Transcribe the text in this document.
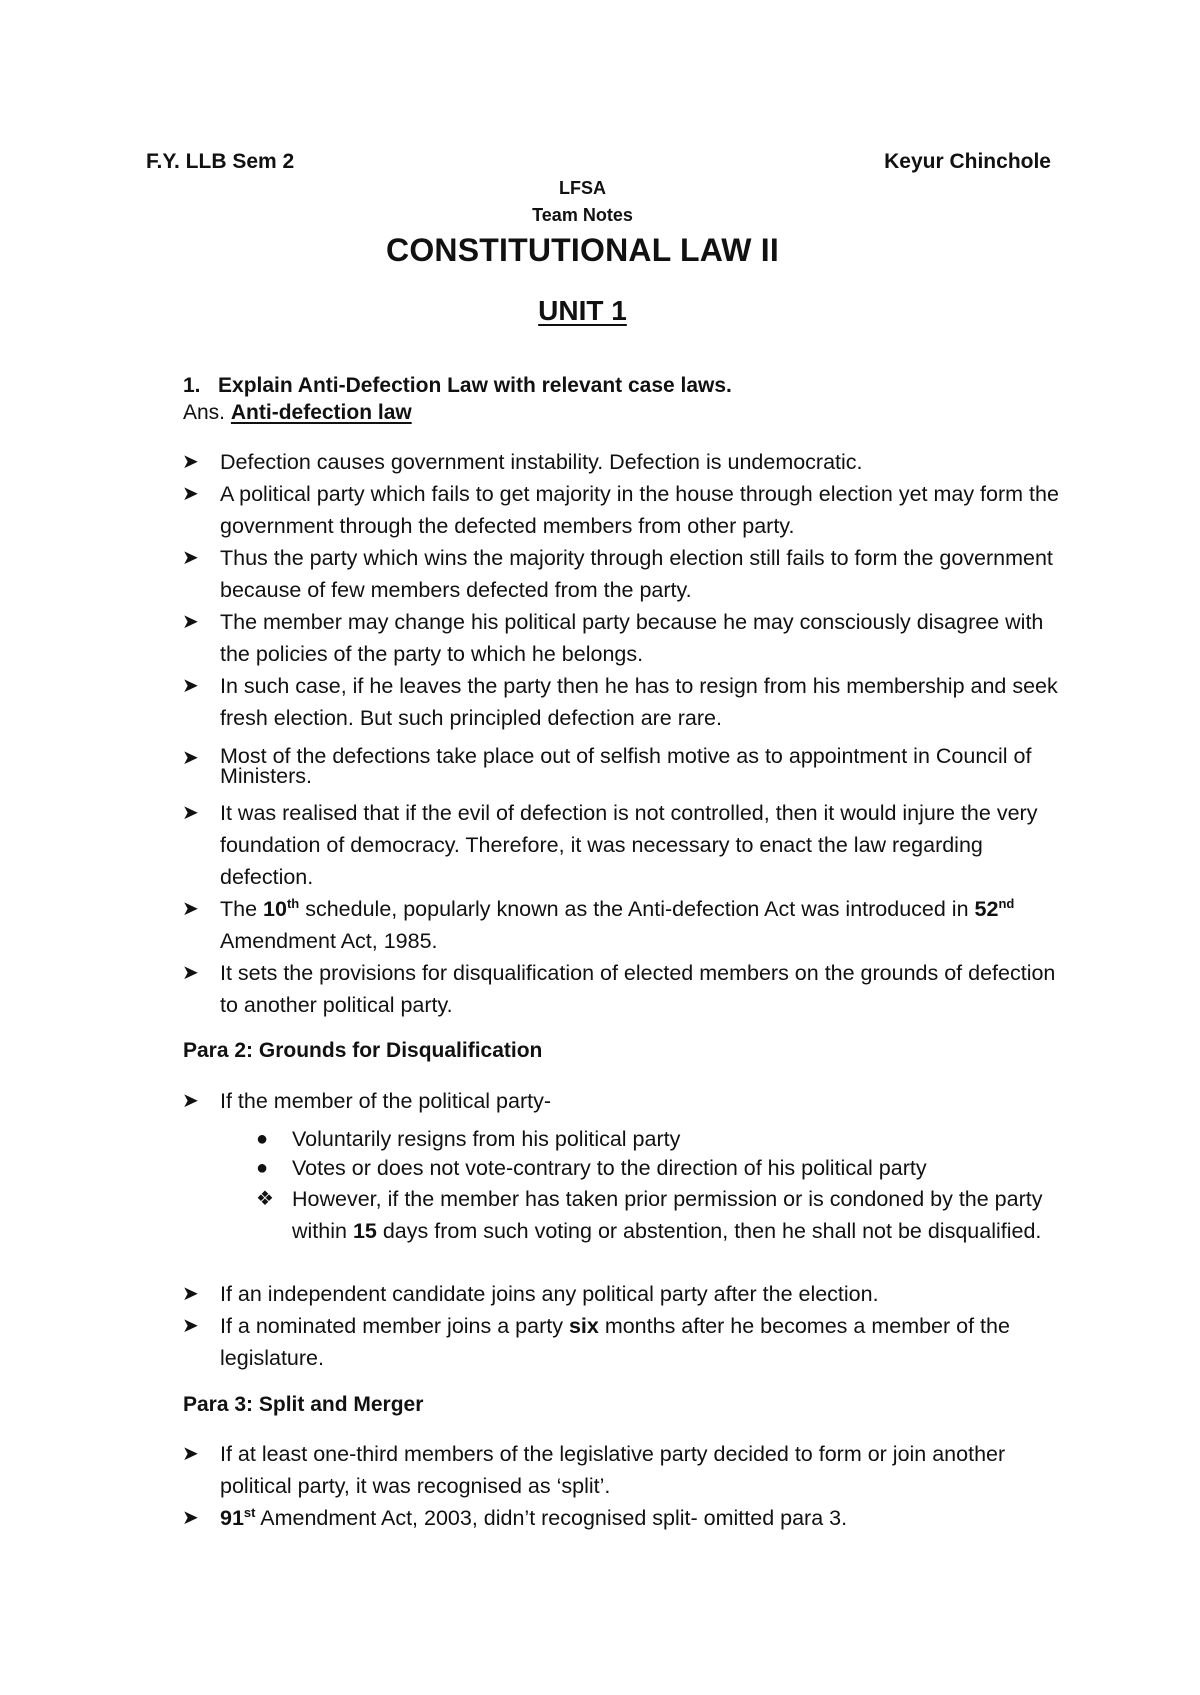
F.Y. LLB Sem 2	Keyur Chinchole
LFSA
Team Notes
CONSTITUTIONAL LAW II
UNIT 1
1. Explain Anti-Defection Law with relevant case laws.
Ans. Anti-defection law
➤ Defection causes government instability. Defection is undemocratic.
➤ A political party which fails to get majority in the house through election yet may form the government through the defected members from other party.
➤ Thus the party which wins the majority through election still fails to form the government because of few members defected from the party.
➤ The member may change his political party because he may consciously disagree with the policies of the party to which he belongs.
➤ In such case, if he leaves the party then he has to resign from his membership and seek fresh election. But such principled defection are rare.
➤ Most of the defections take place out of selfish motive as to appointment in Council of Ministers.
➤ It was realised that if the evil of defection is not controlled, then it would injure the very foundation of democracy. Therefore, it was necessary to enact the law regarding defection.
➤ The 10th schedule, popularly known as the Anti-defection Act was introduced in 52nd Amendment Act, 1985.
➤ It sets the provisions for disqualification of elected members on the grounds of defection to another political party.
Para 2: Grounds for Disqualification
➤ If the member of the political party-
●	Voluntarily resigns from his political party
●	Votes or does not vote-contrary to the direction of his political party
❖ However, if the member has taken prior permission or is condoned by the party within 15 days from such voting or abstention, then he shall not be disqualified.
➤ If an independent candidate joins any political party after the election.
➤ If a nominated member joins a party six months after he becomes a member of the legislature.
Para 3: Split and Merger
➤ If at least one-third members of the legislative party decided to form or join another political party, it was recognised as ‘split’.
➤ 91st Amendment Act, 2003, didn’t recognised split- omitted para 3.
